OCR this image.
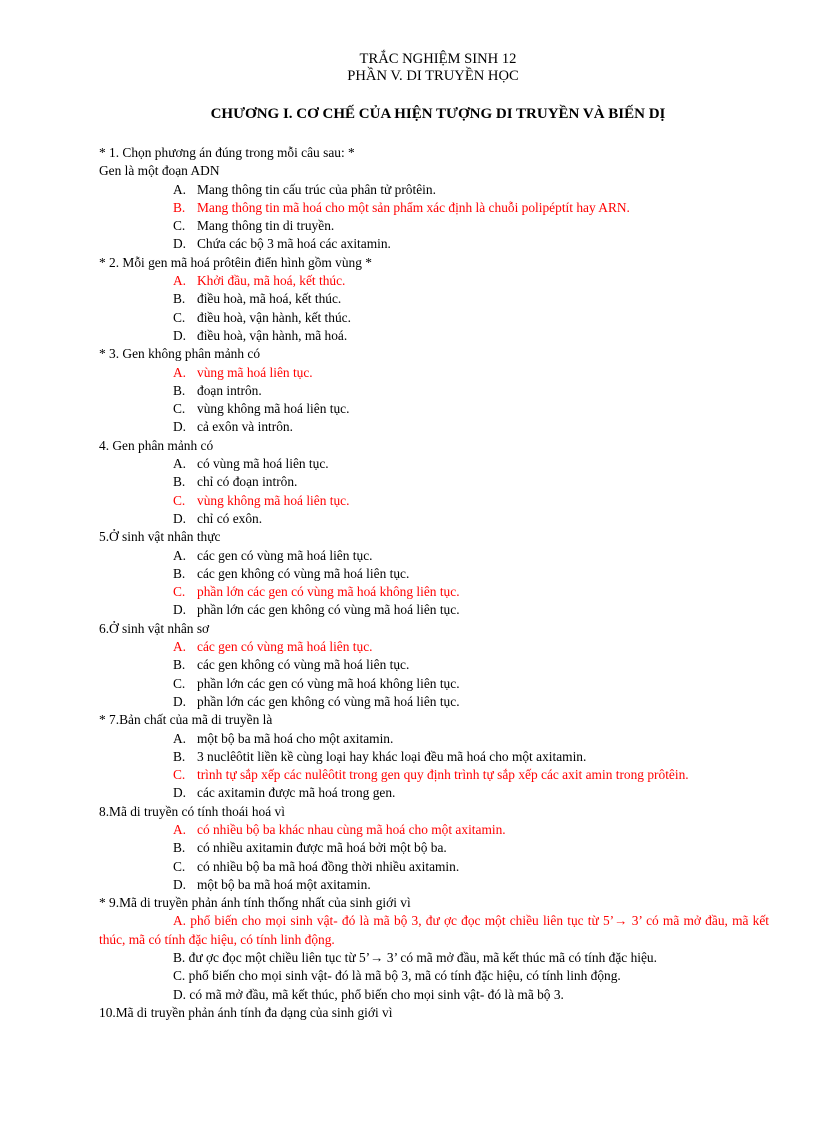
TRẮC NGHIỆM SINH 12
PHẦN V. DI TRUYỀN HỌC
CHƯƠNG I. CƠ CHẾ CỦA HIỆN TƯỢNG DI TRUYỀN VÀ BIẾN DỊ

* 1. Chọn phương án đúng trong mỗi câu sau: *

Gen là một đoạn ADN

A. Mang thông tin cấu trúc của phân tử prôtêin.

B. Mang thông tin mã hoá cho một sản phẩm xác định là chuỗi polipéptít hay ARN.

C. Mang thông tin di truyền.

D. Chứa các bộ 3 mã hoá các axitamin.

* 2. Mỗi gen mã hoá prôtêin điển hình gồm vùng *

A. Khởi đầu, mã hoá, kết thúc.

B. điều hoà, mã hoá, kết thúc.

C. điều hoà, vận hành, kết thúc.

D. điều hoà, vận hành, mã hoá.

* 3. Gen không phân mảnh có

A. vùng mã hoá liên tục.

B. đoạn intrôn.

C. vùng không mã hoá liên tục.

D. cả exôn và intrôn.

4. Gen phân mảnh có

A. có vùng mã hoá liên tục.

B. chỉ có đoạn intrôn.

C. vùng không mã hoá liên tục.

D. chỉ có exôn.

5.Ở sinh vật nhân thực

A. các gen có vùng mã hoá liên tục.

B. các gen không có vùng mã hoá liên tục.

C. phần lớn các gen có vùng mã hoá không liên tục.

D. phần lớn các gen không có vùng mã hoá liên tục.

6.Ở sinh vật nhân sơ

A. các gen có vùng mã hoá liên tục.

B. các gen không có vùng mã hoá liên tục.

C. phần lớn các gen có vùng mã hoá không liên tục.

D. phần lớn các gen không có vùng mã hoá liên tục.

* 7.Bản chất của mã di truyền là

A. một bộ ba mã hoá cho một axitamin.

B. 3 nuclêôtit liền kề cùng loại hay khác loại đều mã hoá cho một axitamin.

C. trình tự sắp xếp các nulêôtit trong gen quy định trình tự sắp xếp các axit amin trong prôtêin.

D. các axitamin được mã hoá trong gen.

8.Mã di truyền có tính thoái hoá vì

A. có nhiều bộ ba khác nhau cùng mã hoá cho một axitamin.

B. có nhiều axitamin được mã hoá bởi một bộ ba.

C. có nhiều bộ ba mã hoá đồng thời nhiều axitamin.

D. một bộ ba mã hoá một axitamin.

* 9.Mã di truyền phản ánh tính thống nhất của sinh giới vì

A. phổ biến cho mọi sinh vật- đó là mã bộ 3, đư ợc đọc một chiều liên tục từ 5’→ 3’ có mã mở đầu, mã kết thúc, mã có tính đặc hiệu, có tính linh động.

B. đư ợc đọc một chiều liên tục từ 5’→ 3’ có mã mở đầu, mã kết thúc mã có tính đặc hiệu.

C. phổ biến cho mọi sinh vật- đó là mã bộ 3, mã có tính đặc hiệu, có tính linh động.

D. có mã mở đầu, mã kết thúc, phổ biến cho mọi sinh vật- đó là mã bộ 3.

10.Mã di truyền phản ánh tính đa dạng của sinh giới vì
